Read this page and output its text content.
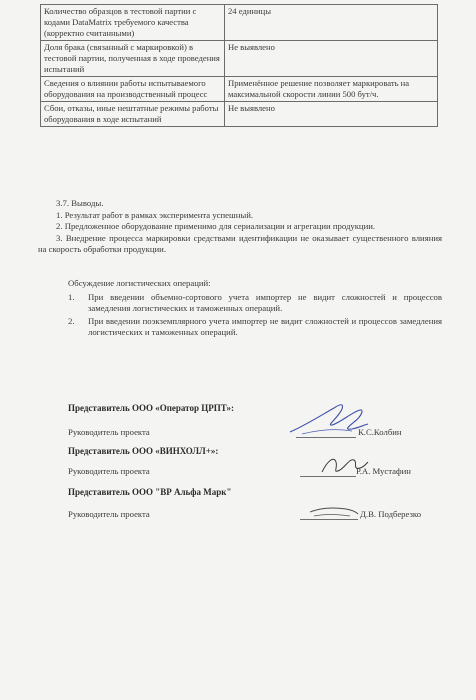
Количество образцов в тестовой партии с кодами DataMatrix требуемого качества (корректно считанными)	24 единицы
Доля брака (связанный с маркировкой) в тестовой партии, полученная в ходе проведения испытаний	Не выявлено
Сведения о влиянии работы испытываемого оборудования на производственный процесс	Применённое решение позволяет маркировать на максимальной скорости линии 500 бут/ч.
Сбои, отказы, иные нештатные режимы работы оборудования в ходе испытаний	Не выявлено

3.7. Выводы.

1. Результат работ в рамках эксперимента успешный.

2. Предложенное оборудование применимо для сериализации и агрегации продукции.

3. Внедрение процесса маркировки средствами идентификации не оказывает существенного влияния на скорость обработки продукции.

Обсуждение логистических операций:

1. При введении объемно-сортового учета импортер не видит сложностей и процессов замедления логистических и таможенных операций.
2. При введении поэкземплярного учета импортер не видит сложностей и процессов замедления логистических и таможенных операций.
Представитель ООО «Оператор ЦРПТ»:
Руководитель проекта	К.С.Колбин
Представитель ООО «ВИНХОЛЛ+»:
Руководитель проекта	Р.А. Мустафин
Представитель ООО "ВР Альфа Марк"
Руководитель проекта	Д.В. Подберезко
